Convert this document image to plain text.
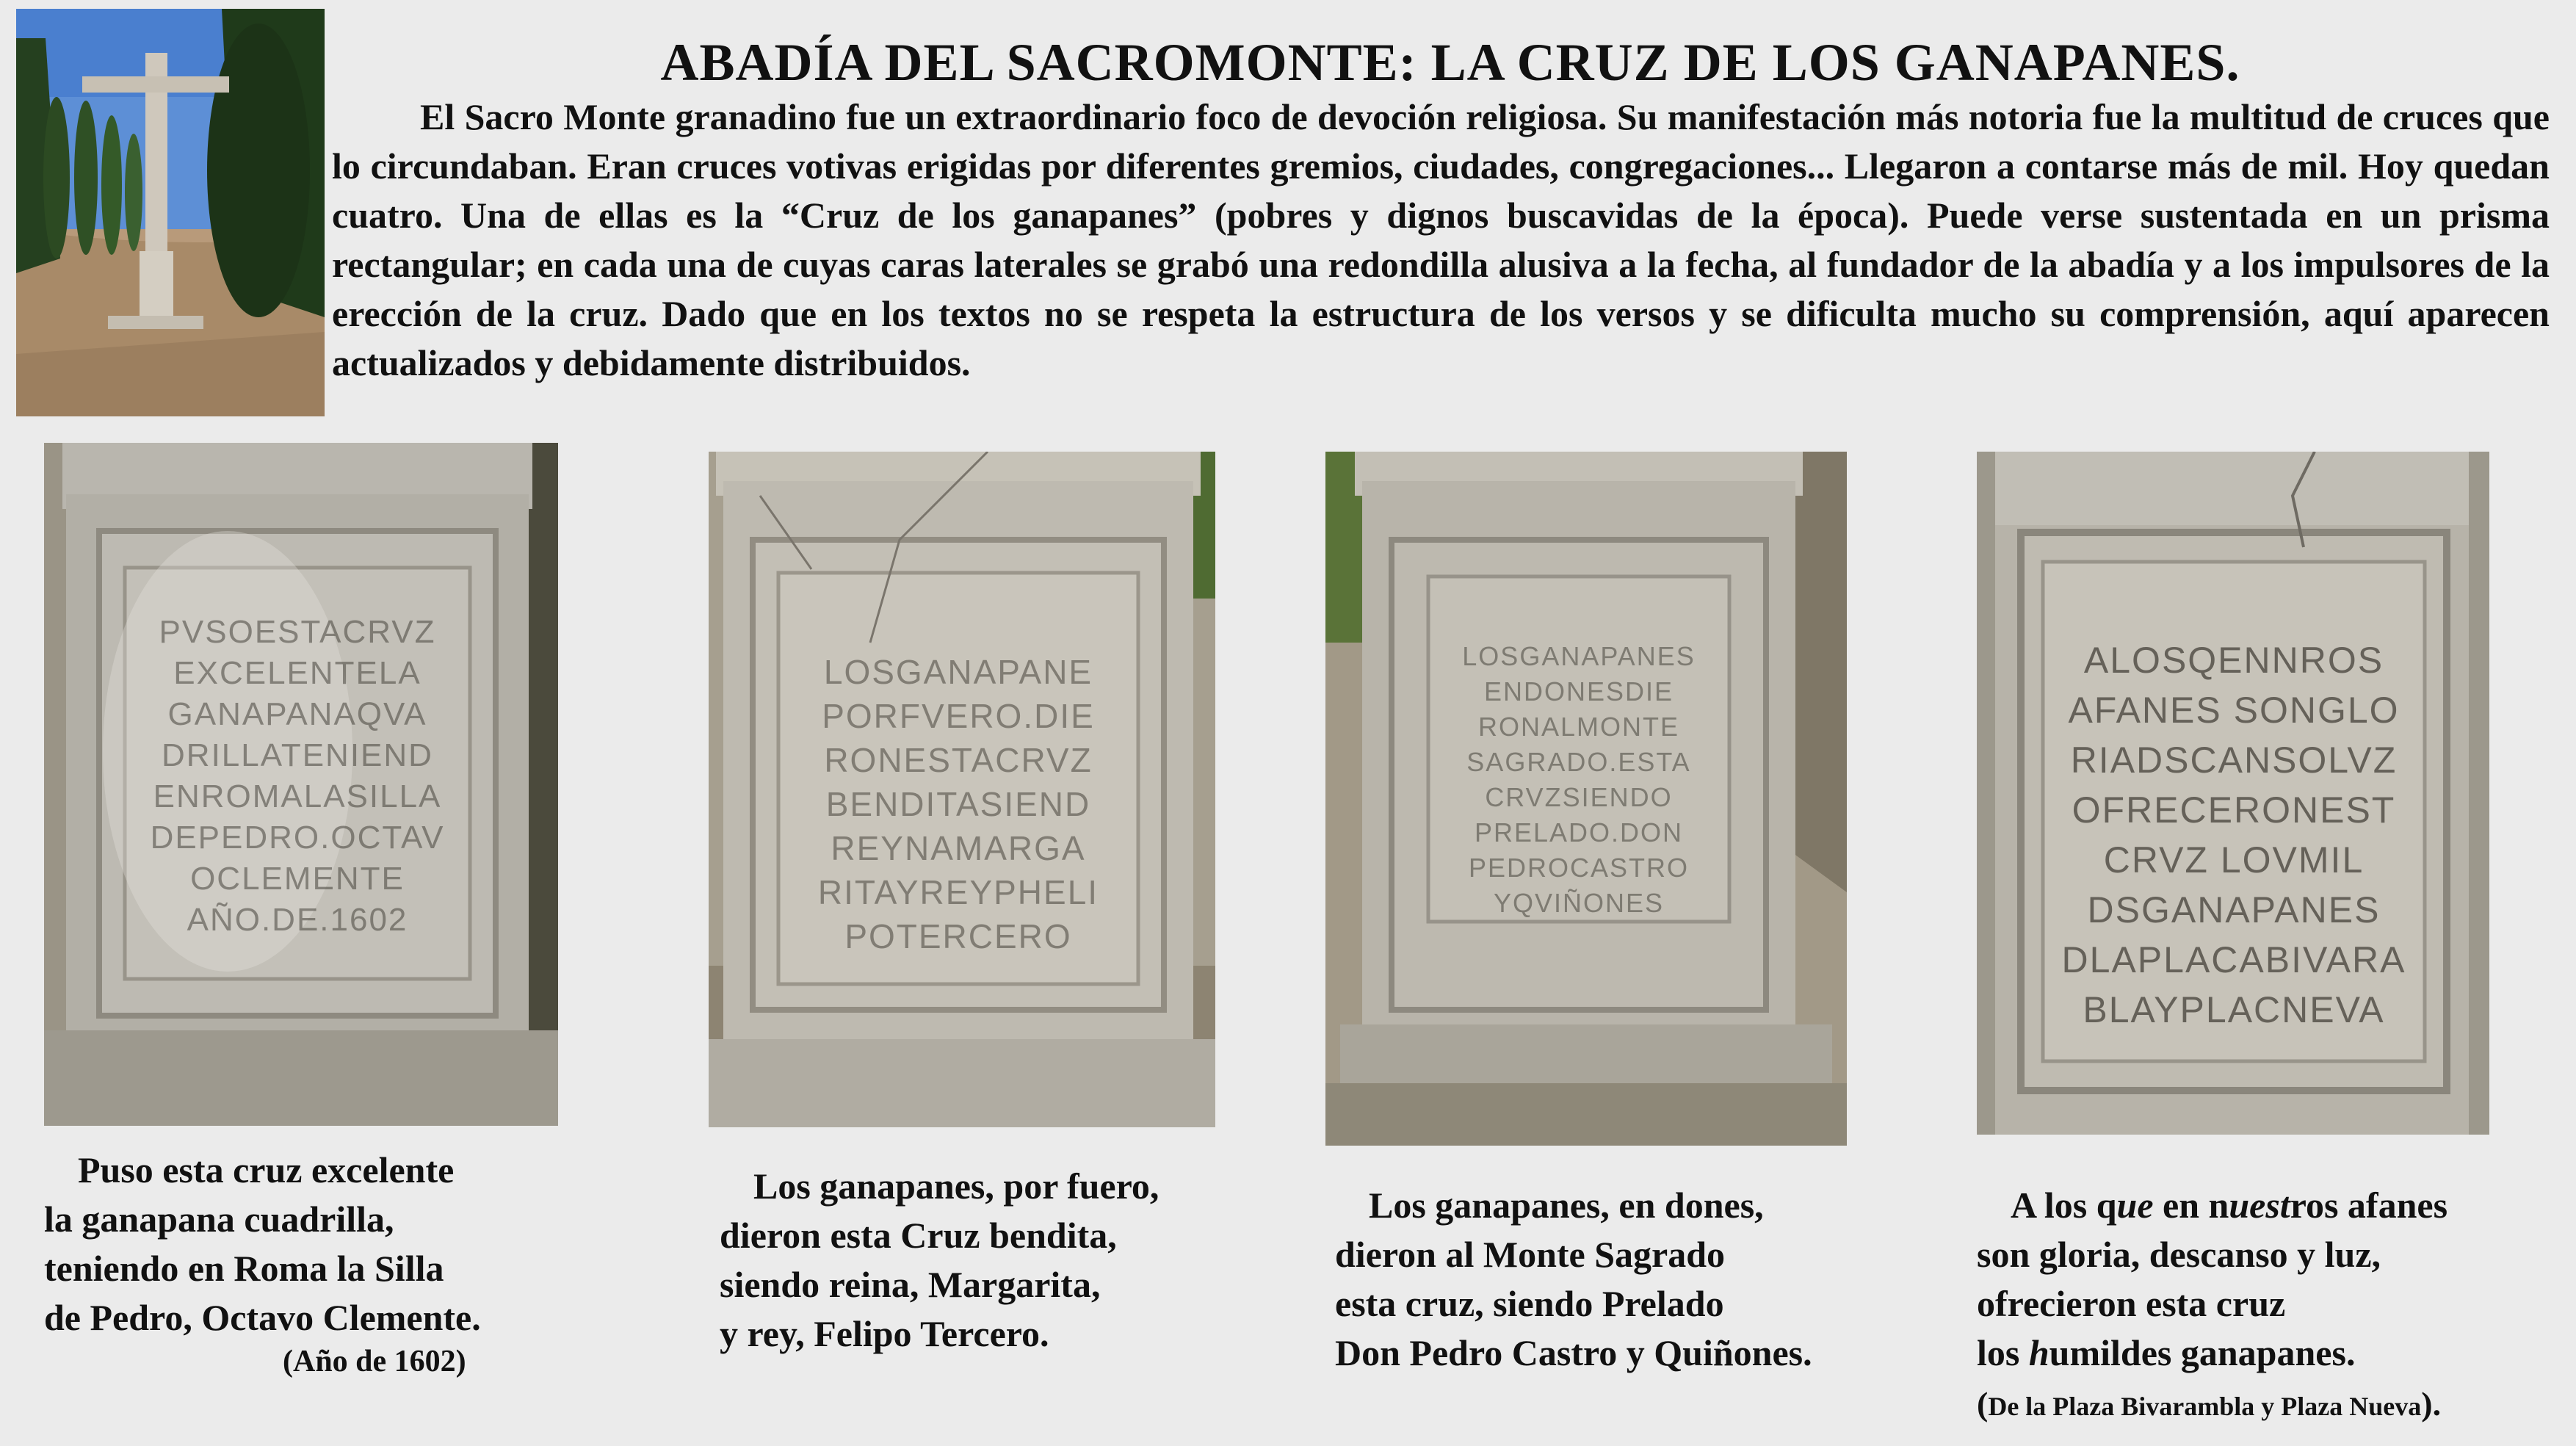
ABADÍA DEL SACROMONTE: LA CRUZ DE LOS GANAPANES.
El Sacro Monte granadino fue un extraordinario foco de devoción religiosa. Su manifestación más notoria fue la multitud de cruces que lo circundaban. Eran cruces votivas erigidas por diferentes gremios, ciudades, congregaciones... Llegaron a contarse más de mil. Hoy quedan cuatro. Una de ellas es la “Cruz de los ganapanes” (pobres y dignos buscavidas de la época). Puede verse sustentada en un prisma rectangular; en cada una de cuyas caras laterales se grabó una redondilla alusiva a la fecha, al fundador de la abadía y a los impulsores de la erección de la cruz. Dado que en los textos no se respeta la estructura de los versos y se dificulta mucho su comprensión, aquí aparecen actualizados y debidamente distribuidos.
PVSOESTACRVZ
EXCELENTELA
GANAPANAQVA
DRILLATENIEND
ENROMALASILLA
DEPEDRO.OCTAV
OCLEMENTE
AÑO.DE.1602
LOSGANAPANE
PORFVERO.DIE
RONESTACRVZ
BENDITASIEND
REYNAMARGA
RITAYREYPHELI
POTERCERO
LOSGANAPANES
ENDONESDIE
RONALMONTE
SAGRADO.ESTA
CRVZSIENDO
PRELADO.DON
PEDROCASTRO
YQVIÑONES
ALOSQENNROS
AFANES SONGLO
RIADSCANSOLVZ
OFRECERONEST
CRVZ LOVMIL
DSGANAPANES
DLAPLACABIVARA
BLAYPLACNEVA
Puso esta cruz excelente
la ganapana cuadrilla,
teniendo en Roma la Silla
de Pedro, Octavo Clemente.
(Año de 1602)
Los ganapanes, por fuero,
dieron esta Cruz bendita,
siendo reina, Margarita,
y rey, Felipo Tercero.
Los ganapanes, en dones,
dieron al Monte Sagrado
esta cruz, siendo Prelado
Don Pedro Castro y Quiñones.
A los que en nuestros afanes
son gloria, descanso y luz,
ofrecieron esta cruz
los humildes ganapanes.
(De la Plaza Bivarambla y Plaza Nueva).
